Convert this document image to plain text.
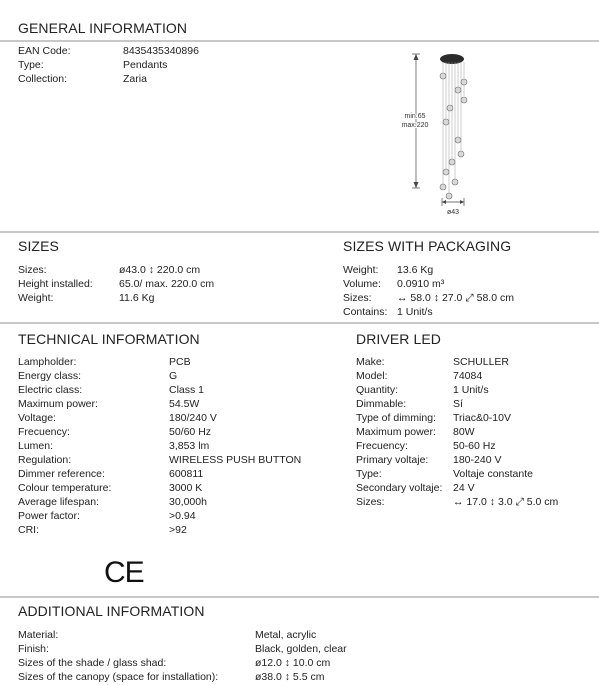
GENERAL INFORMATION
EAN Code:	8435435340896
Type:	Pendants
Collection:	Zaria
min.65
max.220
ø43
SIZES
Sizes:	ø43.0 ↕ 220.0 cm
Height installed:	65.0/ max. 220.0 cm
Weight:	11.6 Kg
SIZES WITH PACKAGING
Weight:	13.6 Kg
Volume:	0.0910 m³
Sizes:	↔ 58.0 ↕ 27.0 ⤢ 58.0 cm
Contains: 1 Unit/s
TECHNICAL INFORMATION
Lampholder:	PCB
Energy class:	G
Electric class:	Class 1
Maximum power:	54.5W
Voltage:	180/240 V
Frecuency:	50/60 Hz
Lumen:	3,853 lm
Regulation:	WIRELESS PUSH BUTTON
Dimmer reference:	600811
Colour temperature:	3000 K
Average lifespan:	30,000h
Power factor:	>0.94
CRI:	>92
DRIVER LED
Make:	SCHULLER
Model:	74084
Quantity:	1 Unit/s
Dimmable:	Sí
Type of dimming:	Triac&0-10V
Maximum power:	80W
Frecuency:	50-60 Hz
Primary voltaje:	180-240 V
Type:	Voltaje constante
Secondary voltaje:	24 V
Sizes:	↔ 17.0 ↕ 3.0 ⤢ 5.0 cm
CE
ADDITIONAL INFORMATION
Material:	Metal, acrylic
Finish:	Black, golden, clear
Sizes of the shade / glass shad:	ø12.0 ↕ 10.0 cm
Sizes of the canopy (space for installation):	ø38.0 ↕ 5.5 cm
